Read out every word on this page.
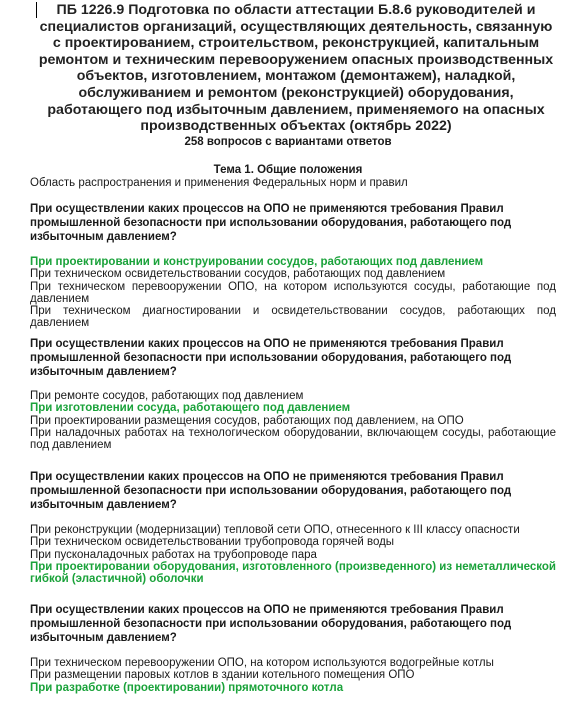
ПБ 1226.9 Подготовка по области аттестации Б.8.6 руководителей и специалистов организаций, осуществляющих деятельность, связанную с проектированием, строительством, реконструкцией, капитальным ремонтом и техническим перевооружением опасных производственных объектов, изготовлением, монтажом (демонтажем), наладкой, обслуживанием и ремонтом (реконструкцией) оборудования, работающего под избыточным давлением, применяемого на опасных производственных объектах (октябрь 2022)
258 вопросов с вариантами ответов
Тема 1. Общие положения
Область распространения и применения Федеральных норм и правил

При осуществлении каких процессов на ОПО не применяются требования Правил промышленной безопасности при использовании оборудования, работающего под избыточным давлением?

При проектировании и конструировании сосудов, работающих под давлением
При техническом освидетельствовании сосудов, работающих под давлением
При техническом перевооружении ОПО, на котором используются сосуды, работающие под давлением
При техническом диагностировании и освидетельствовании сосудов, работающих под давлением

При осуществлении каких процессов на ОПО не применяются требования Правил промышленной безопасности при использовании оборудования, работающего под избыточным давлением?

При ремонте сосудов, работающих под давлением
При изготовлении сосуда, работающего под давлением
При проектировании размещения сосудов, работающих под давлением, на ОПО
При наладочных работах на технологическом оборудовании, включающем сосуды, работающие под давлением

При осуществлении каких процессов на ОПО не применяются требования Правил промышленной безопасности при использовании оборудования, работающего под избыточным давлением?

При реконструкции (модернизации) тепловой сети ОПО, отнесенного к III классу опасности
При техническом освидетельствовании трубопровода горячей воды
При пусконаладочных работах на трубопроводе пара
При проектировании оборудования, изготовленного (произведенного) из неметаллической гибкой (эластичной) оболочки

При осуществлении каких процессов на ОПО не применяются требования Правил промышленной безопасности при использовании оборудования, работающего под избыточным давлением?

При техническом перевооружении ОПО, на котором используются водогрейные котлы
При размещении паровых котлов в здании котельного помещения ОПО
При разработке (проектировании) прямоточного котла
